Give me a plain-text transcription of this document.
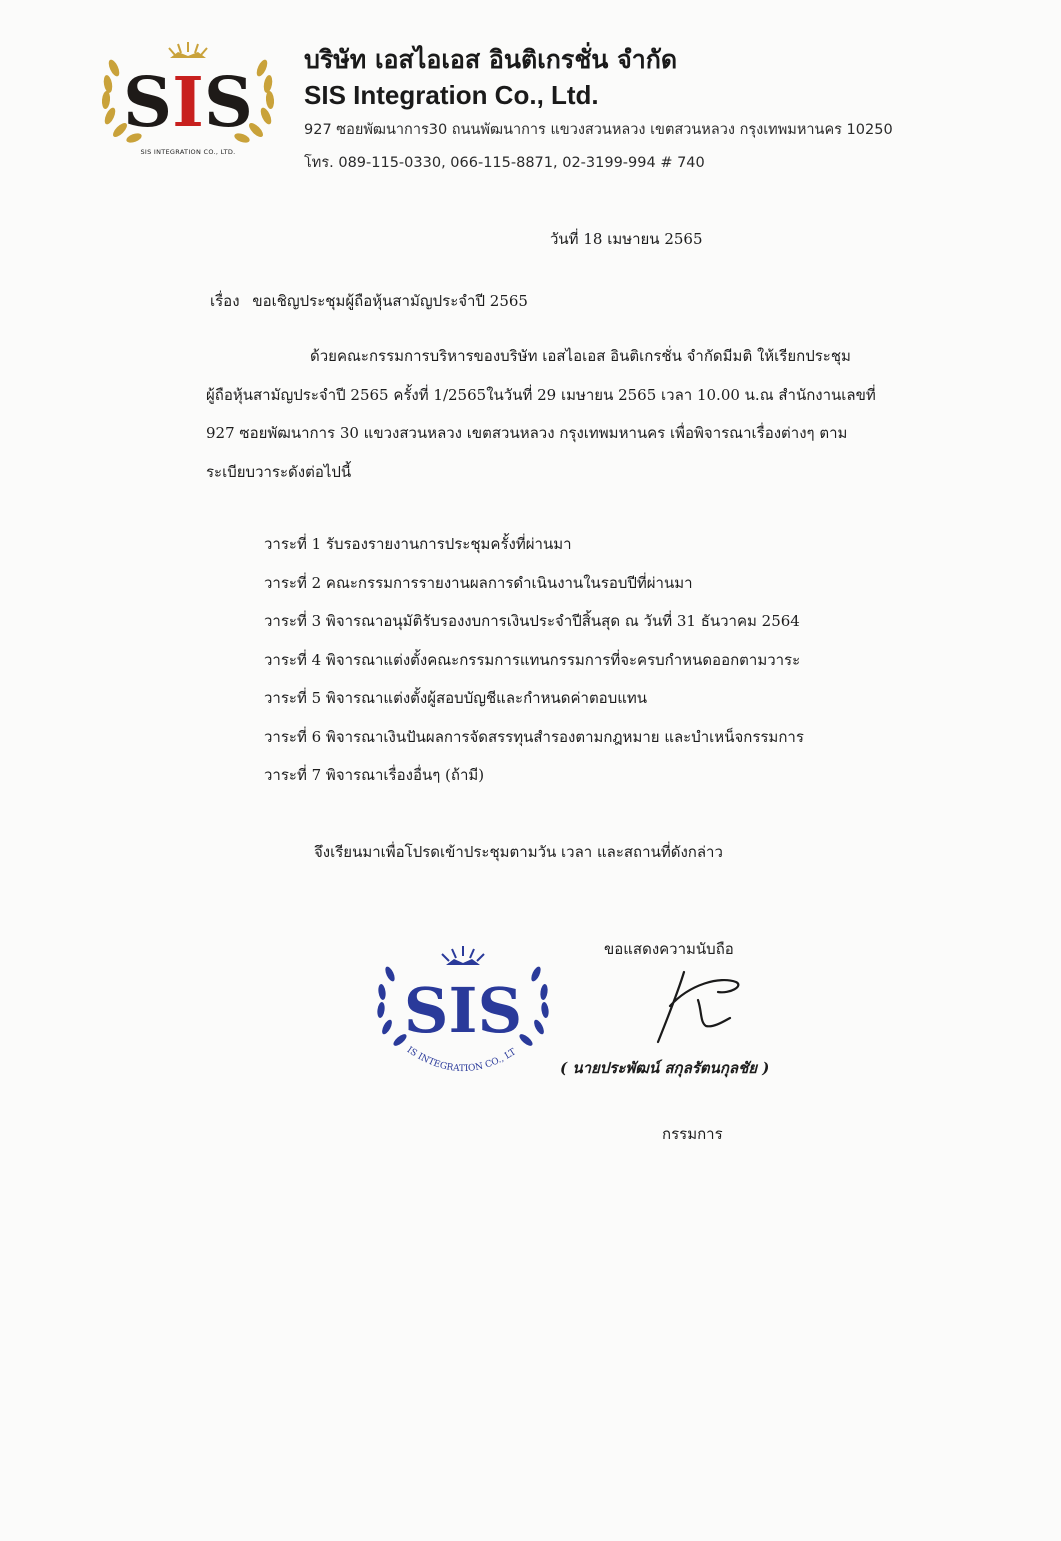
SIS
SIS INTEGRATION CO., LTD.
บริษัท เอสไอเอส อินติเกรชั่น จำกัด
SIS Integration Co., Ltd.
927 ซอยพัฒนาการ30 ถนนพัฒนาการ แขวงสวนหลวง เขตสวนหลวง กรุงเทพมหานคร 10250
โทร. 089-115-0330, 066-115-8871, 02-3199-994 # 740
วันที่ 18 เมษายน 2565
เรื่อง ขอเชิญประชุมผู้ถือหุ้นสามัญประจำปี 2565
ด้วยคณะกรรมการบริหารของบริษัท เอสไอเอส อินติเกรชั่น จำกัดมีมติ ให้เรียกประชุม
ผู้ถือหุ้นสามัญประจำปี 2565 ครั้งที่ 1/2565ในวันที่ 29 เมษายน 2565 เวลา 10.00 น.ณ สำนักงานเลขที่
927 ซอยพัฒนาการ 30 แขวงสวนหลวง เขตสวนหลวง กรุงเทพมหานคร เพื่อพิจารณาเรื่องต่างๆ ตาม
ระเบียบวาระดังต่อไปนี้
วาระที่ 1 รับรองรายงานการประชุมครั้งที่ผ่านมา
วาระที่ 2 คณะกรรมการรายงานผลการดำเนินงานในรอบปีที่ผ่านมา
วาระที่ 3 พิจารณาอนุมัติรับรองงบการเงินประจำปีสิ้นสุด ณ วันที่ 31 ธันวาคม 2564
วาระที่ 4 พิจารณาแต่งตั้งคณะกรรมการแทนกรรมการที่จะครบกำหนดออกตามวาระ
วาระที่ 5 พิจารณาแต่งตั้งผู้สอบบัญชีและกำหนดค่าตอบแทน
วาระที่ 6 พิจารณาเงินปันผลการจัดสรรทุนสำรองตามกฎหมาย และบำเหน็จกรรมการ
วาระที่ 7 พิจารณาเรื่องอื่นๆ (ถ้ามี)
จึงเรียนมาเพื่อโปรดเข้าประชุมตามวัน เวลา และสถานที่ดังกล่าว
SIS
IS INTEGRATION CO., LT
ขอแสดงความนับถือ
( นายประพัฒน์ สกุลรัตนกุลชัย )
กรรมการ
